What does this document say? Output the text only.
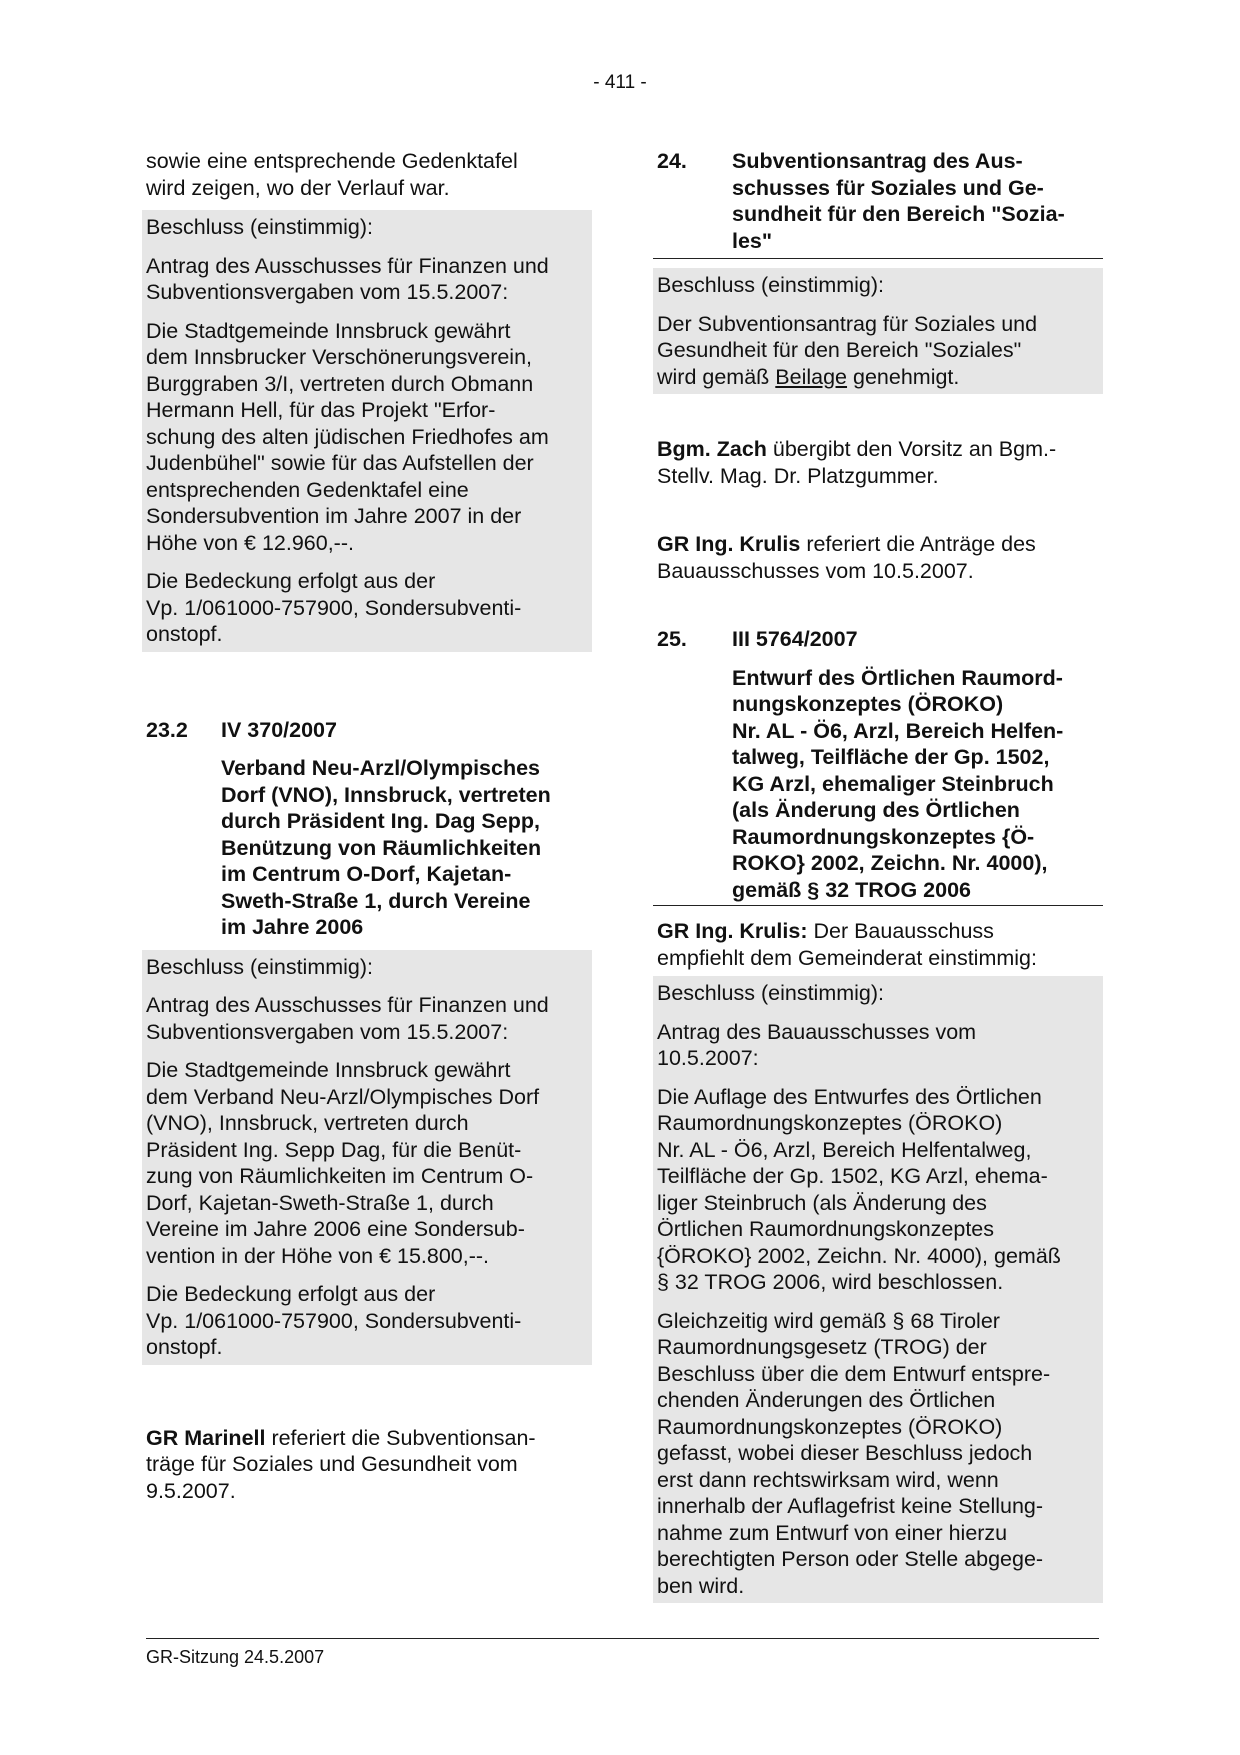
- 411 -

sowie eine entsprechende Gedenktafel
wird zeigen, wo der Verlauf war.

Beschluss (einstimmig):

Antrag des Ausschusses für Finanzen und
Subventionsvergaben vom 15.5.2007:

Die Stadtgemeinde Innsbruck gewährt
dem Innsbrucker Verschönerungsverein,
Burggraben 3/I, vertreten durch Obmann
Hermann Hell, für das Projekt "Erfor-
schung des alten jüdischen Friedhofes am
Judenbühel" sowie für das Aufstellen der
entsprechenden Gedenktafel eine
Sondersubvention im Jahre 2007 in der
Höhe von € 12.960,--.

Die Bedeckung erfolgt aus der
Vp. 1/061000-757900, Sondersubventi-
onstopf.

23.2	IV 370/2007
Verband Neu-Arzl/Olympisches
Dorf (VNO), Innsbruck, vertreten
durch Präsident Ing. Dag Sepp,
Benützung von Räumlichkeiten
im Centrum O-Dorf, Kajetan-
Sweth-Straße 1, durch Vereine
im Jahre 2006

Beschluss (einstimmig):

Antrag des Ausschusses für Finanzen und
Subventionsvergaben vom 15.5.2007:

Die Stadtgemeinde Innsbruck gewährt
dem Verband Neu-Arzl/Olympisches Dorf
(VNO), Innsbruck, vertreten durch
Präsident Ing. Sepp Dag, für die Benüt-
zung von Räumlichkeiten im Centrum O-
Dorf, Kajetan-Sweth-Straße 1, durch
Vereine im Jahre 2006 eine Sondersub-
vention in der Höhe von € 15.800,--.

Die Bedeckung erfolgt aus der
Vp. 1/061000-757900, Sondersubventi-
onstopf.

GR Marinell referiert die Subventionsan-
träge für Soziales und Gesundheit vom
9.5.2007.

24.	Subventionsantrag des Aus-
schusses für Soziales und Ge-
sundheit für den Bereich "Sozia-
les"

Beschluss (einstimmig):

Der Subventionsantrag für Soziales und
Gesundheit für den Bereich "Soziales"
wird gemäß Beilage genehmigt.

Bgm. Zach übergibt den Vorsitz an Bgm.-
Stellv. Mag. Dr. Platzgummer.

GR Ing. Krulis referiert die Anträge des
Bauausschusses vom 10.5.2007.

25.	III 5764/2007
Entwurf des Örtlichen Raumord-
nungskonzeptes (ÖROKO)
Nr. AL - Ö6, Arzl, Bereich Helfen-
talweg, Teilfläche der Gp. 1502,
KG Arzl, ehemaliger Steinbruch
(als Änderung des Örtlichen
Raumordnungskonzeptes {Ö-
ROKO} 2002, Zeichn. Nr. 4000),
gemäß § 32 TROG 2006

GR Ing. Krulis: Der Bauausschuss
empfiehlt dem Gemeinderat einstimmig:

Beschluss (einstimmig):

Antrag des Bauausschusses vom
10.5.2007:

Die Auflage des Entwurfes des Örtlichen
Raumordnungskonzeptes (ÖROKO)
Nr. AL - Ö6, Arzl, Bereich Helfentalweg,
Teilfläche der Gp. 1502, KG Arzl, ehema-
liger Steinbruch (als Änderung des
Örtlichen Raumordnungskonzeptes
{ÖROKO} 2002, Zeichn. Nr. 4000), gemäß
§ 32 TROG 2006, wird beschlossen.

Gleichzeitig wird gemäß § 68 Tiroler
Raumordnungsgesetz (TROG) der
Beschluss über die dem Entwurf entspre-
chenden Änderungen des Örtlichen
Raumordnungskonzeptes (ÖROKO)
gefasst, wobei dieser Beschluss jedoch
erst dann rechtswirksam wird, wenn
innerhalb der Auflagefrist keine Stellung-
nahme zum Entwurf von einer hierzu
berechtigten Person oder Stelle abgege-
ben wird.

GR-Sitzung 24.5.2007
